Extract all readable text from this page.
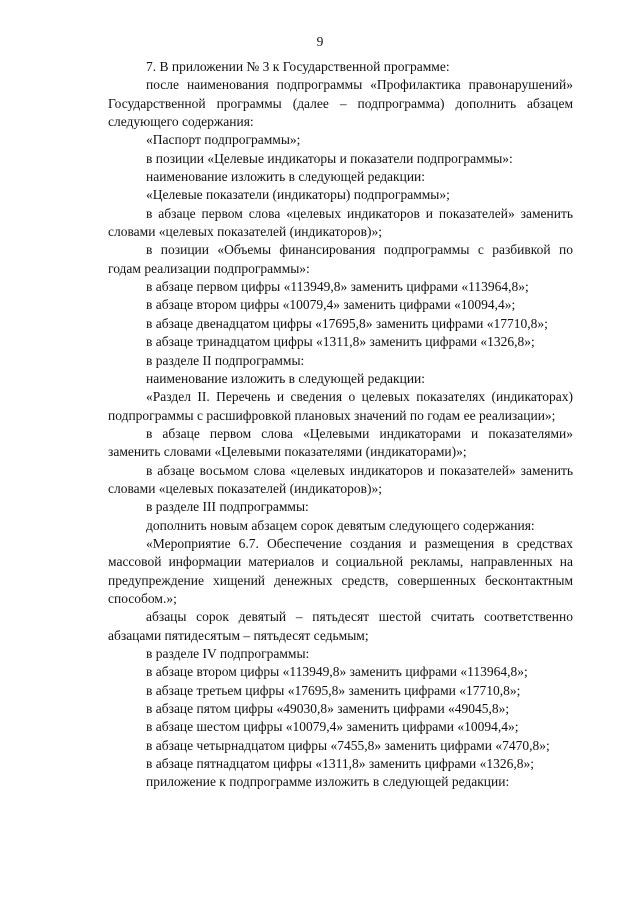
9

7. В приложении № 3 к Государственной программе:

после наименования подпрограммы «Профилактика правонарушений» Государственной программы (далее – подпрограмма) дополнить абзацем следующего содержания:

«Паспорт подпрограммы»;

в позиции «Целевые индикаторы и показатели подпрограммы»:

наименование изложить в следующей редакции:

«Целевые показатели (индикаторы) подпрограммы»;

в абзаце первом слова «целевых индикаторов и показателей» заменить словами «целевых показателей (индикаторов)»;

в позиции «Объемы финансирования подпрограммы с разбивкой по годам реализации подпрограммы»:

в абзаце первом цифры «113949,8» заменить цифрами «113964,8»;

в абзаце втором цифры «10079,4» заменить цифрами «10094,4»;

в абзаце двенадцатом цифры «17695,8» заменить цифрами «17710,8»;

в абзаце тринадцатом цифры «1311,8» заменить цифрами «1326,8»;

в разделе II подпрограммы:

наименование изложить в следующей редакции:

«Раздел II. Перечень и сведения о целевых показателях (индикаторах) подпрограммы с расшифровкой плановых значений по годам ее реализации»;

в абзаце первом слова «Целевыми индикаторами и показателями» заменить словами «Целевыми показателями (индикаторами)»;

в абзаце восьмом слова «целевых индикаторов и показателей» заменить словами «целевых показателей (индикаторов)»;

в разделе III подпрограммы:

дополнить новым абзацем сорок девятым следующего содержания:

«Мероприятие 6.7. Обеспечение создания и размещения в средствах массовой информации материалов и социальной рекламы, направленных на предупреждение хищений денежных средств, совершенных бесконтактным способом.»;

абзацы сорок девятый – пятьдесят шестой считать соответственно абзацами пятидесятым – пятьдесят седьмым;

в разделе IV подпрограммы:

в абзаце втором цифры «113949,8» заменить цифрами «113964,8»;

в абзаце третьем цифры «17695,8» заменить цифрами «17710,8»;

в абзаце пятом цифры «49030,8» заменить цифрами «49045,8»;

в абзаце шестом цифры «10079,4» заменить цифрами «10094,4»;

в абзаце четырнадцатом цифры «7455,8» заменить цифрами «7470,8»;

в абзаце пятнадцатом цифры «1311,8» заменить цифрами «1326,8»;

приложение к подпрограмме изложить в следующей редакции:
